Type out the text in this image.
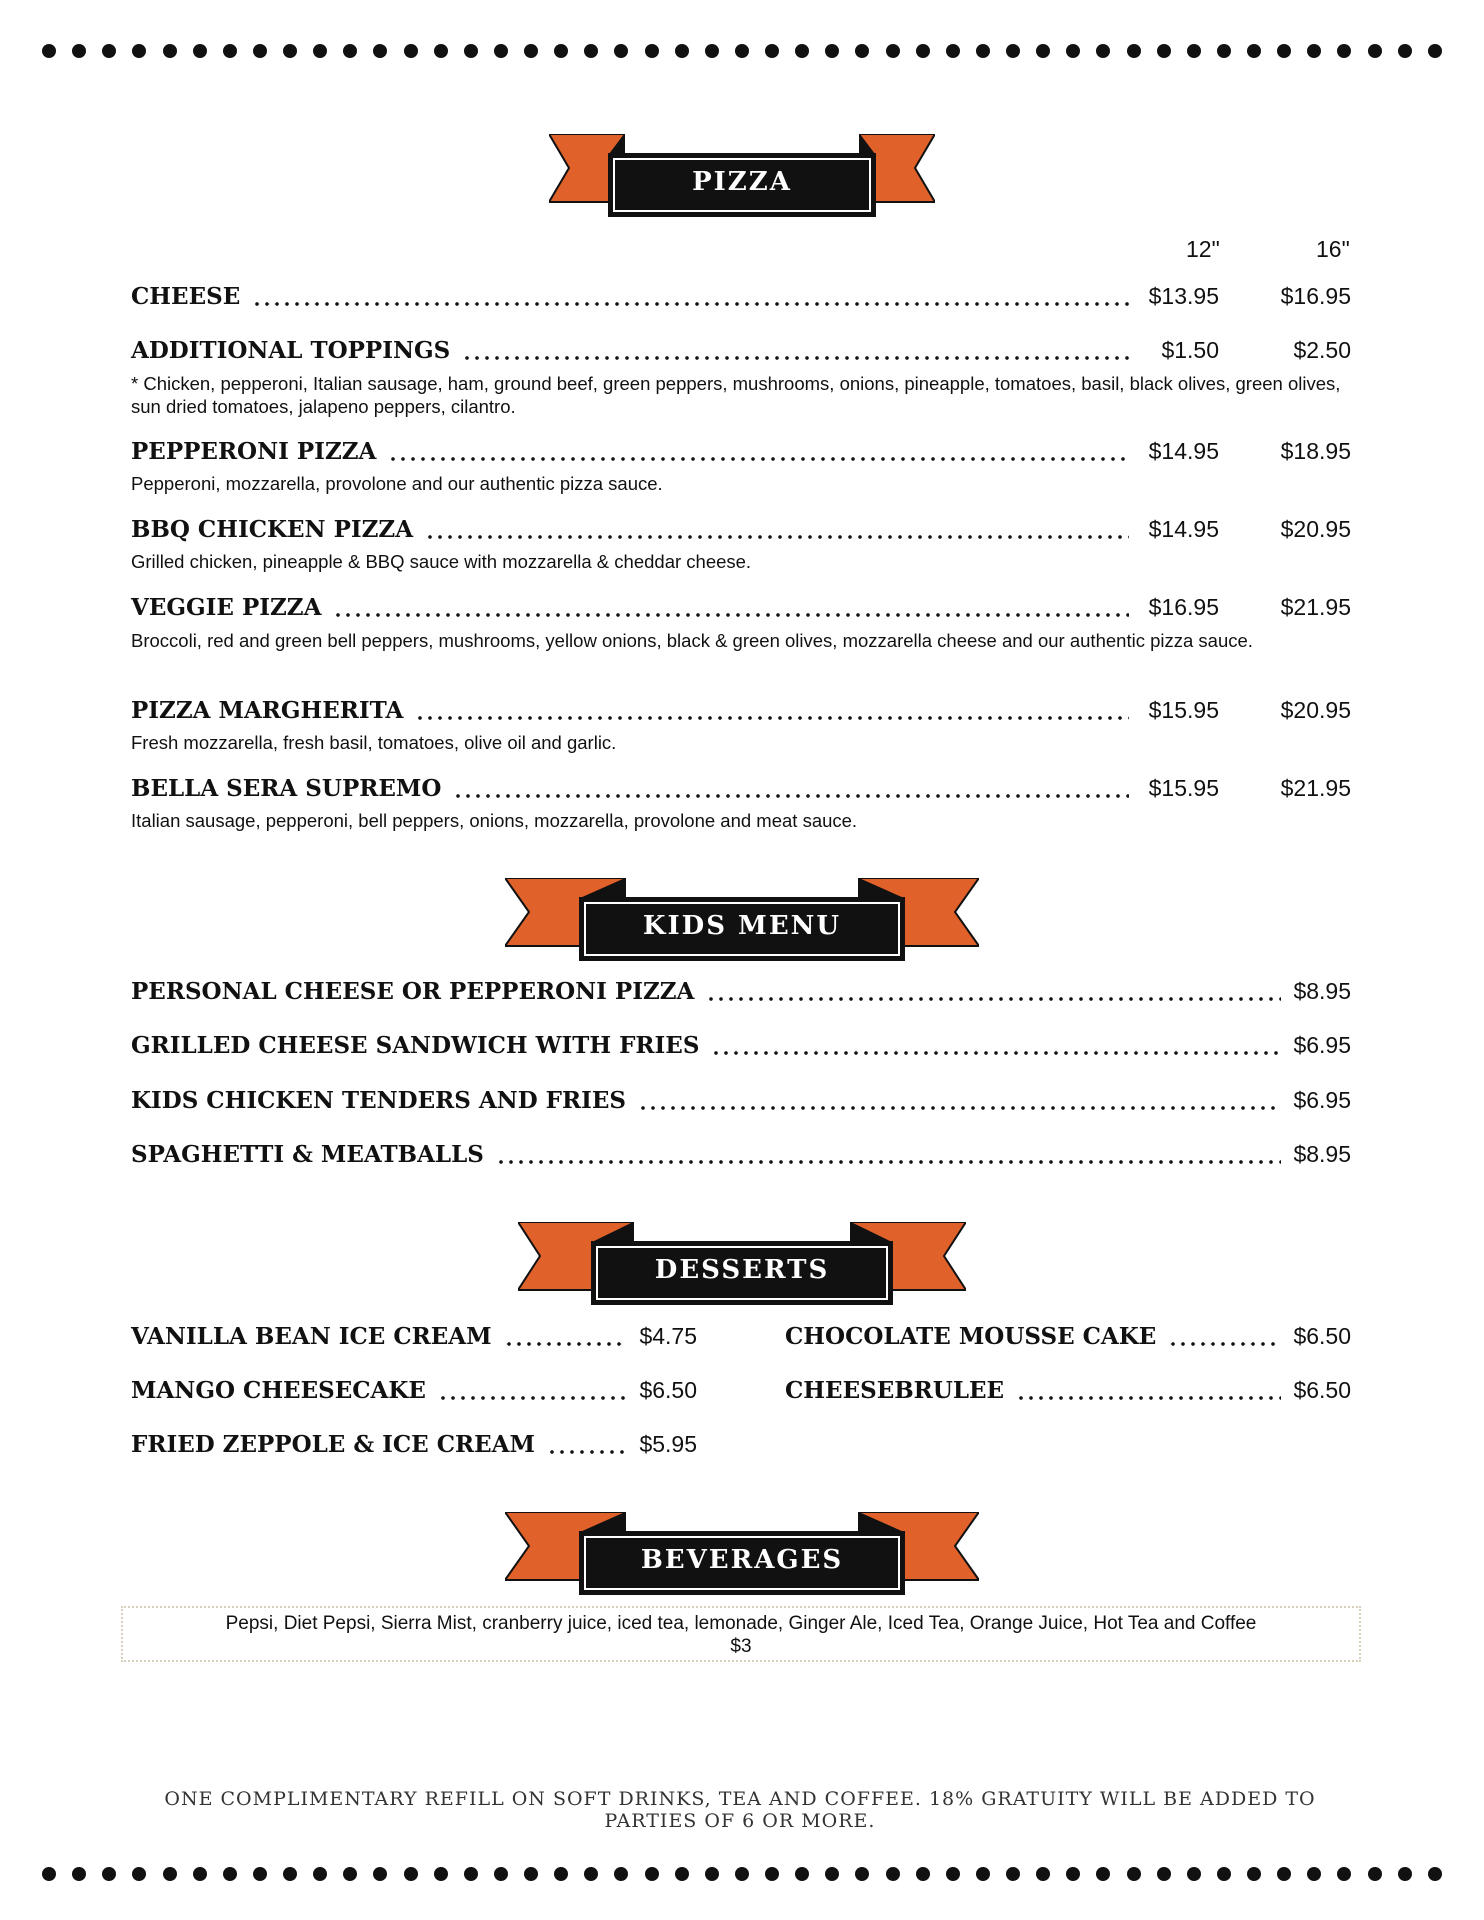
PIZZA
12"	16"
KIDS MENU
DESSERTS
BEVERAGES
Pepsi, Diet Pepsi, Sierra Mist, cranberry juice, iced tea, lemonade, Ginger Ale, Iced Tea, Orange Juice, Hot Tea and Coffee
$3
ONE COMPLIMENTARY REFILL ON SOFT DRINKS, TEA AND COFFEE. 18% GRATUITY WILL BE ADDED TO PARTIES OF 6 OR MORE.
CHEESE	$13.95	$16.95
ADDITIONAL TOPPINGS	$1.50	$2.50
* Chicken, pepperoni, Italian sausage, ham, ground beef, green peppers, mushrooms, onions, pineapple, tomatoes, basil, black olives, green olives, sun dried tomatoes, jalapeno peppers, cilantro.
PEPPERONI PIZZA	$14.95	$18.95
Pepperoni, mozzarella, provolone and our authentic pizza sauce.
BBQ CHICKEN PIZZA	$14.95	$20.95
Grilled chicken, pineapple & BBQ sauce with mozzarella & cheddar cheese.
VEGGIE PIZZA	$16.95	$21.95
Broccoli, red and green bell peppers, mushrooms, yellow onions, black & green olives, mozzarella cheese and our authentic pizza sauce.
PIZZA MARGHERITA	$15.95	$20.95
Fresh mozzarella, fresh basil, tomatoes, olive oil and garlic.
BELLA SERA SUPREMO	$15.95	$21.95
Italian sausage, pepperoni, bell peppers, onions, mozzarella, provolone and meat sauce.
PERSONAL CHEESE OR PEPPERONI PIZZA	$8.95
GRILLED CHEESE SANDWICH WITH FRIES	$6.95
KIDS CHICKEN TENDERS AND FRIES	$6.95
SPAGHETTI & MEATBALLS	$8.95
VANILLA BEAN ICE CREAM	$4.75
MANGO CHEESECAKE	$6.50
FRIED ZEPPOLE & ICE CREAM	$5.95
CHOCOLATE MOUSSE CAKE	$6.50
CHEESEBRULEE	$6.50
